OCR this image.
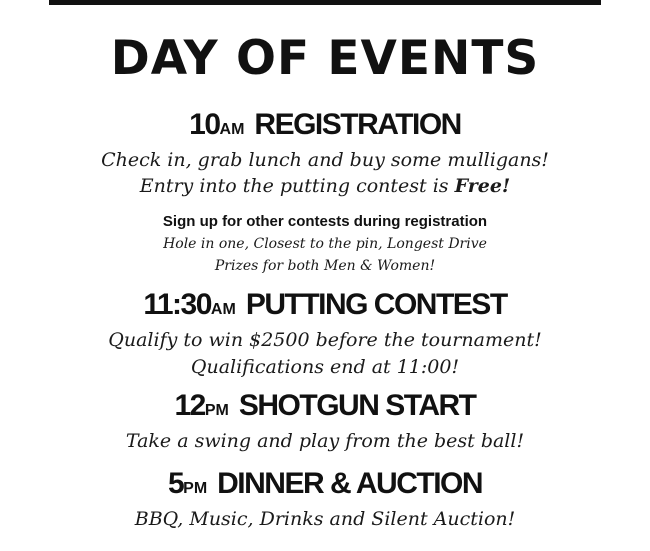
DAY OF EVENTS
10AM REGISTRATION
Check in, grab lunch and buy some mulligans!
Entry into the putting contest is Free!
Sign up for other contests during registration
Hole in one, Closest to the pin, Longest Drive
Prizes for both Men & Women!
11:30AM PUTTING CONTEST
Qualify to win $2500 before the tournament!
Qualifications end at 11:00!
12PM SHOTGUN START
Take a swing and play from the best ball!
5PM DINNER & AUCTION
BBQ, Music, Drinks and Silent Auction!
